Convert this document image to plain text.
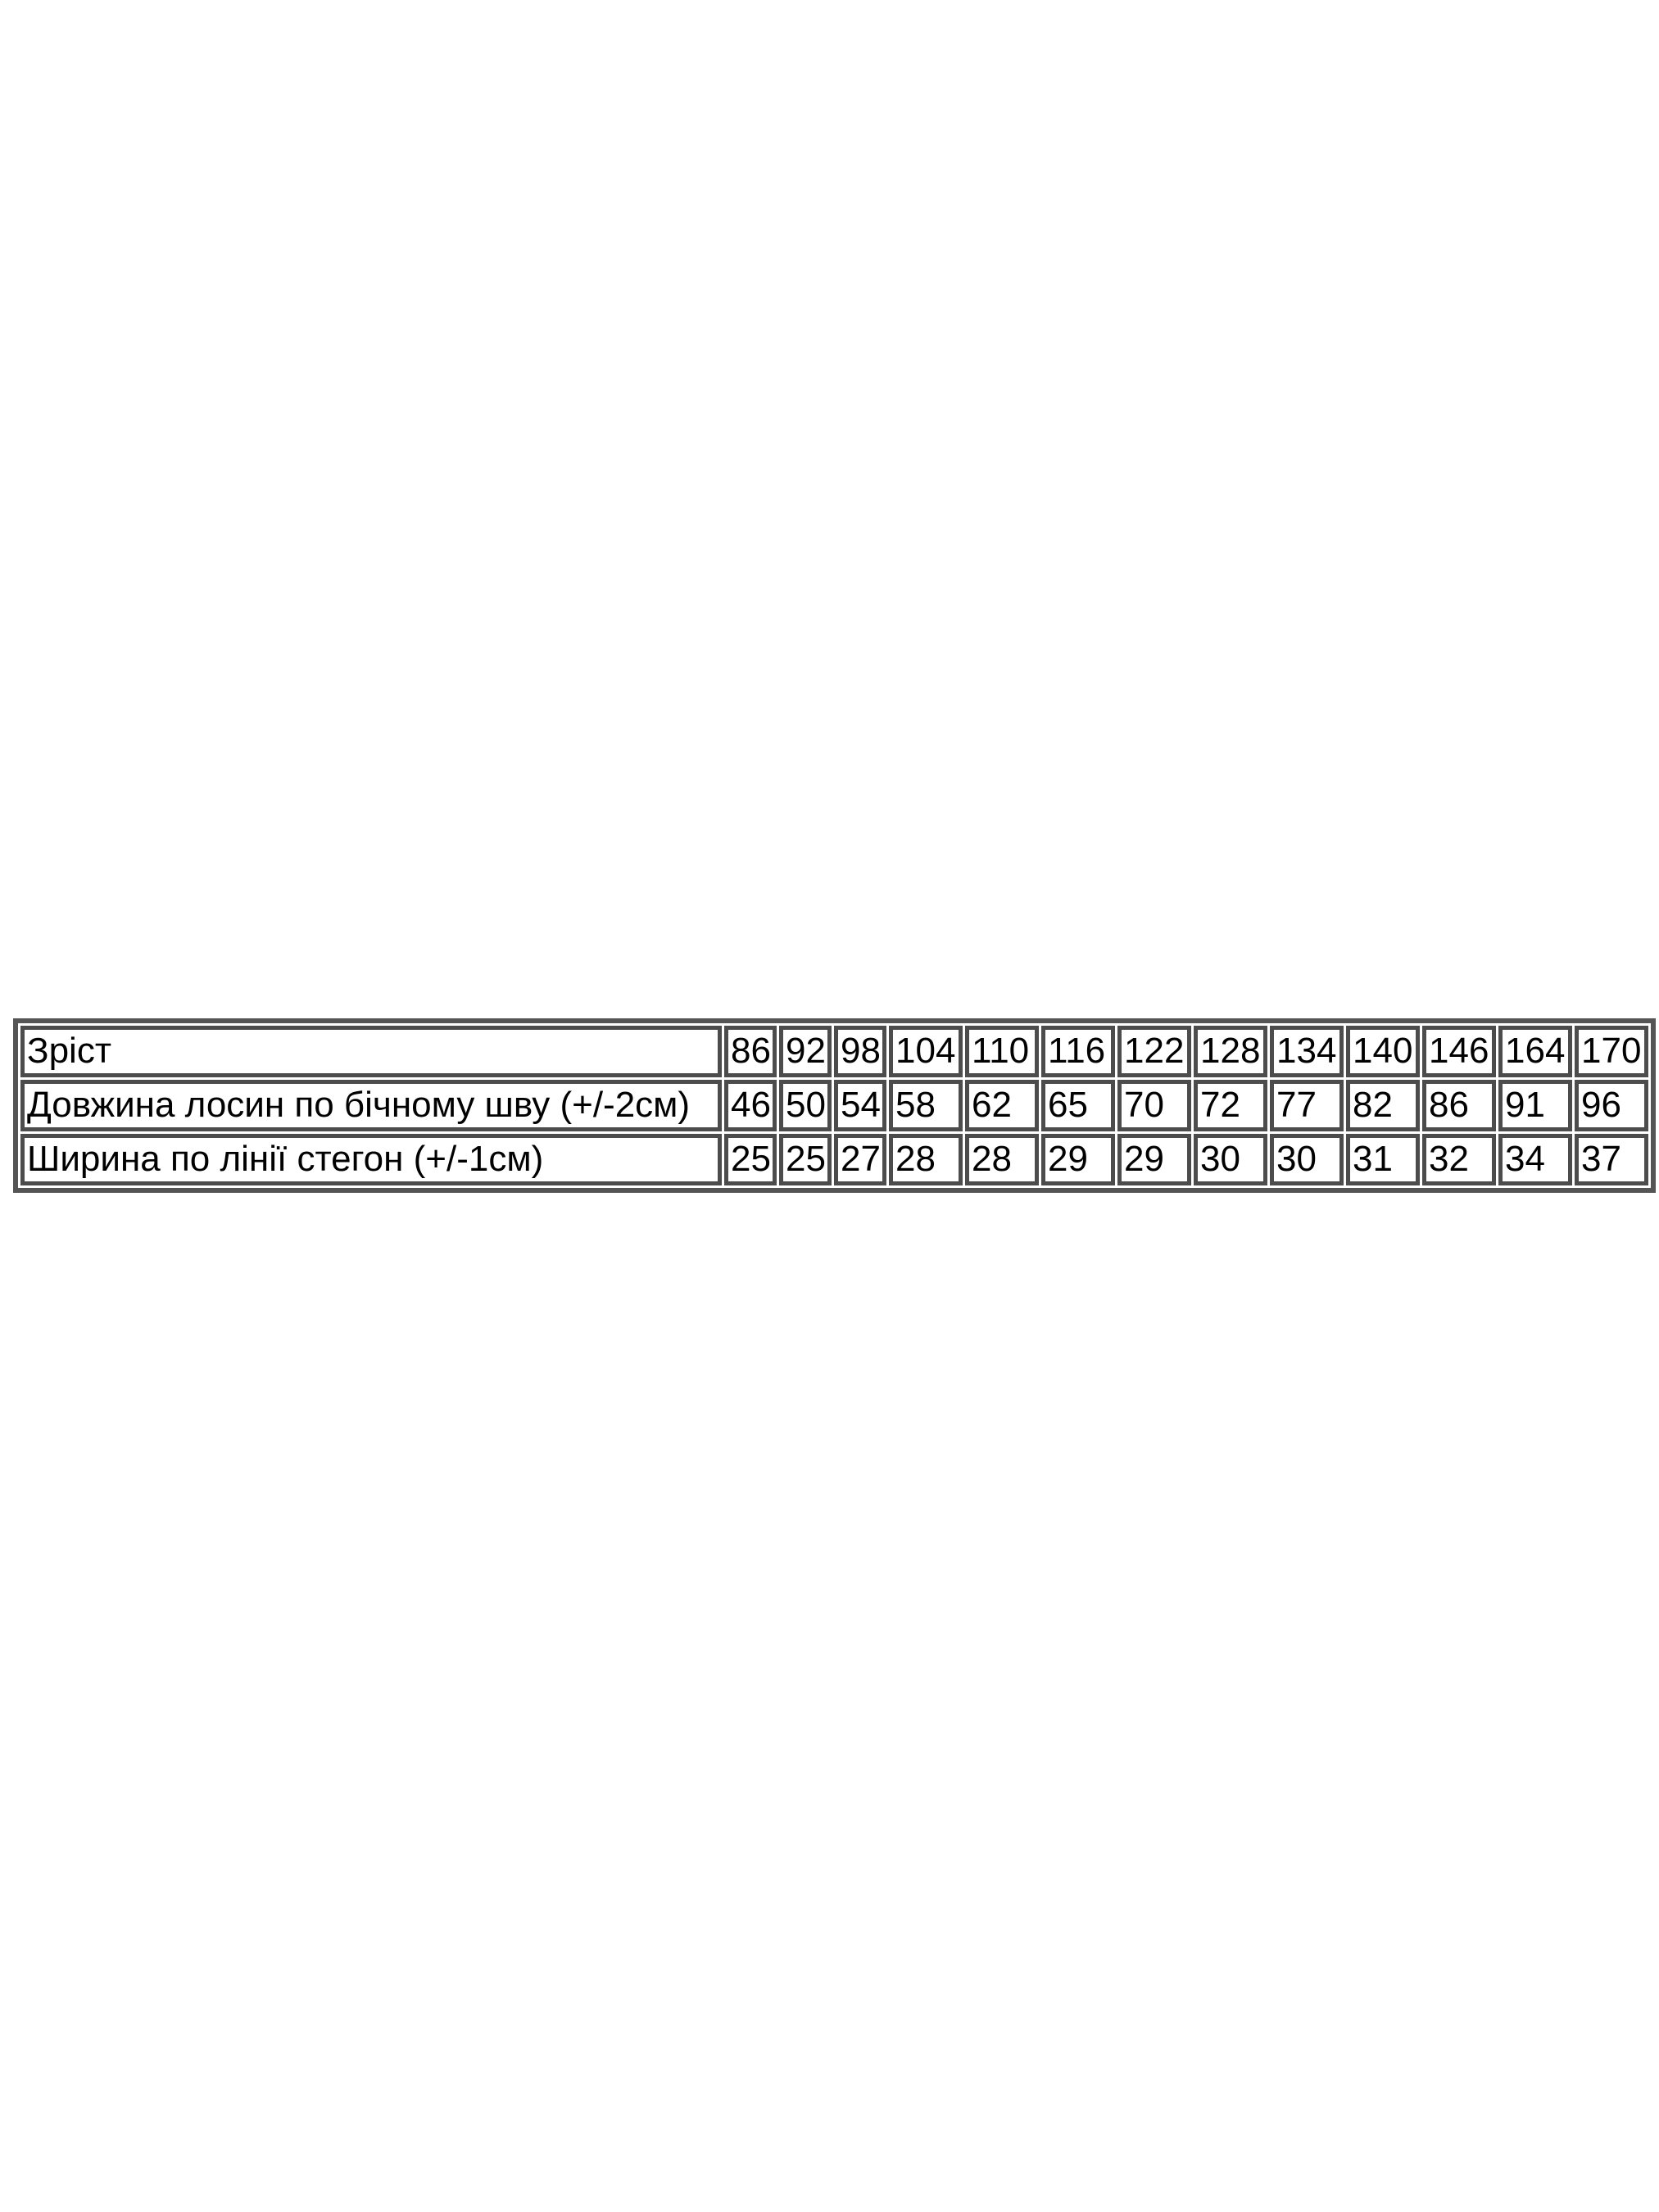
Зріст	86	92	98	104	110	116	122	128	134	140	146	164	170
Довжина лосин по бічному шву (+/-2см)	46	50	54	58	62	65	70	72	77	82	86	91	96
Ширина по лінії стегон (+/-1см)	25	25	27	28	28	29	29	30	30	31	32	34	37
